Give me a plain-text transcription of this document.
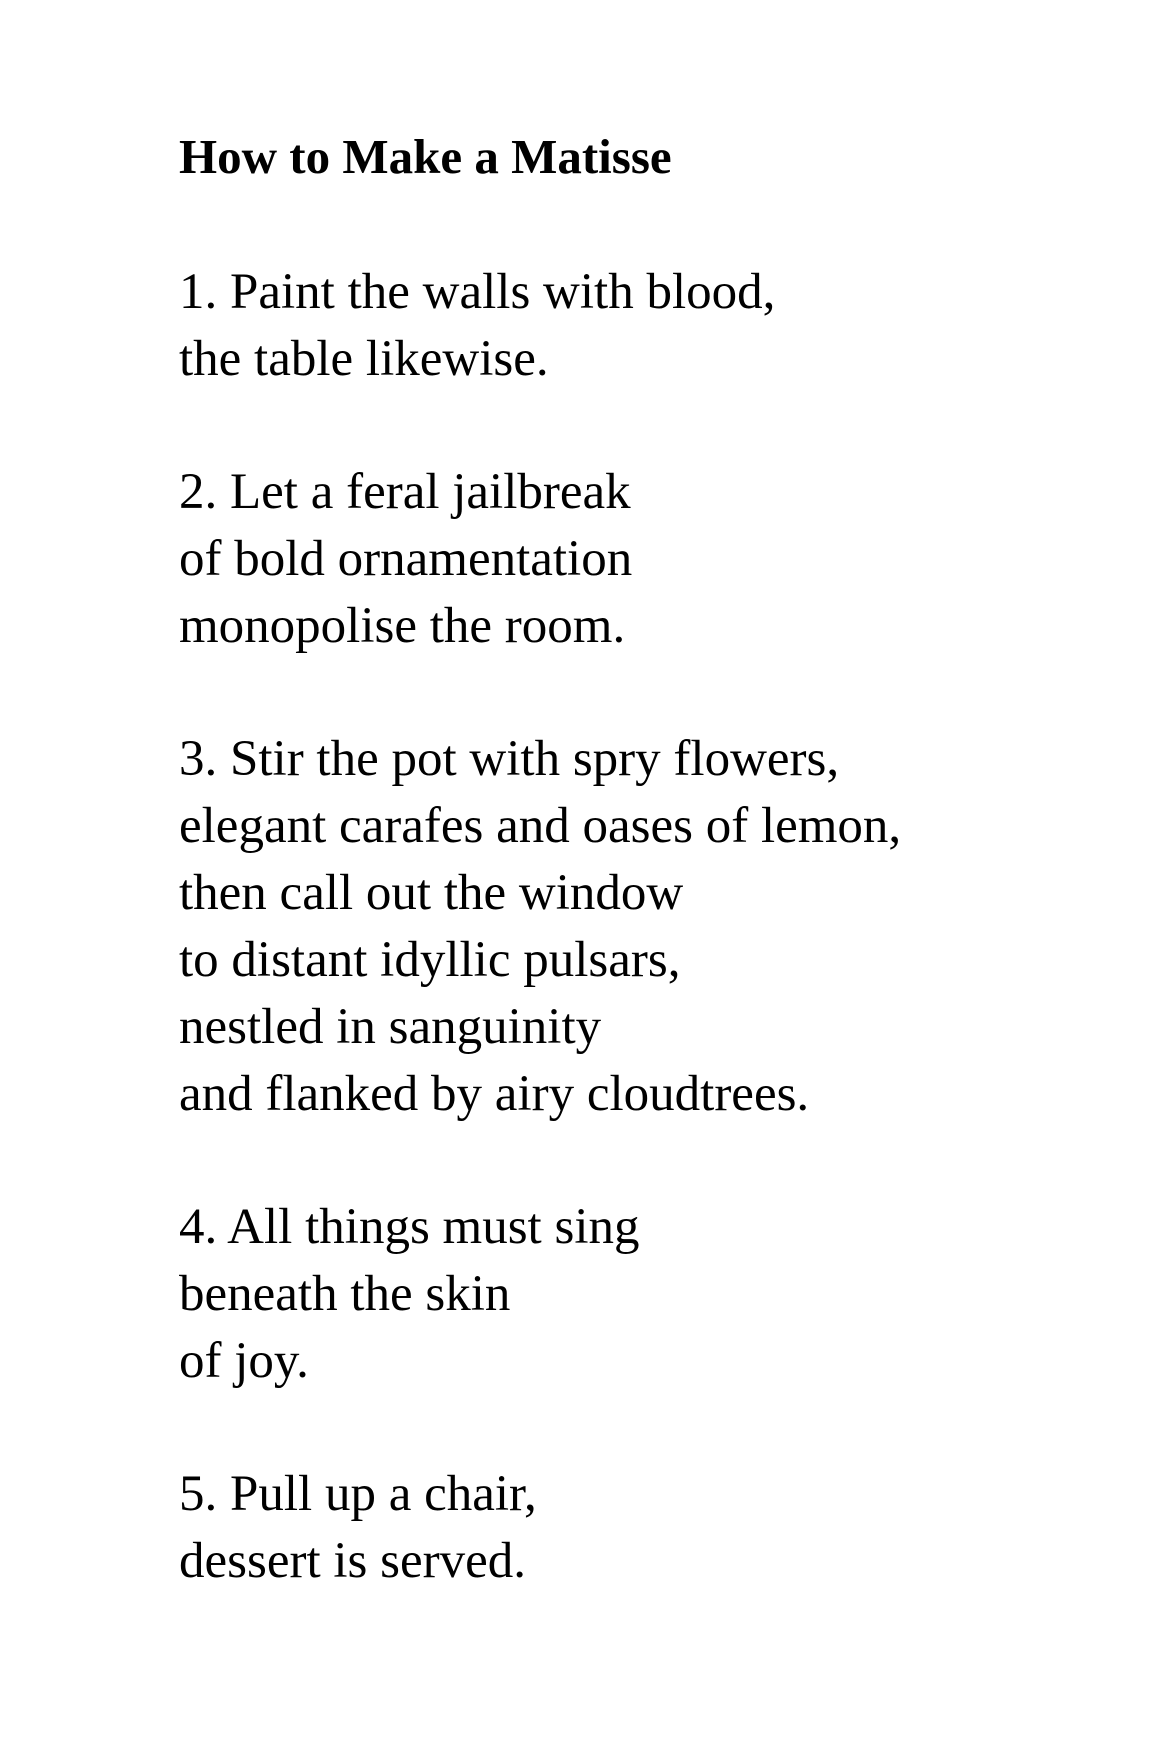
How to Make a Matisse
1. Paint the walls with blood,
the table likewise.
2. Let a feral jailbreak
of bold ornamentation
monopolise the room.
3. Stir the pot with spry flowers,
elegant carafes and oases of lemon,
then call out the window
to distant idyllic pulsars,
nestled in sanguinity
and flanked by airy cloudtrees.
4. All things must sing
beneath the skin
of joy.
5. Pull up a chair,
dessert is served.
